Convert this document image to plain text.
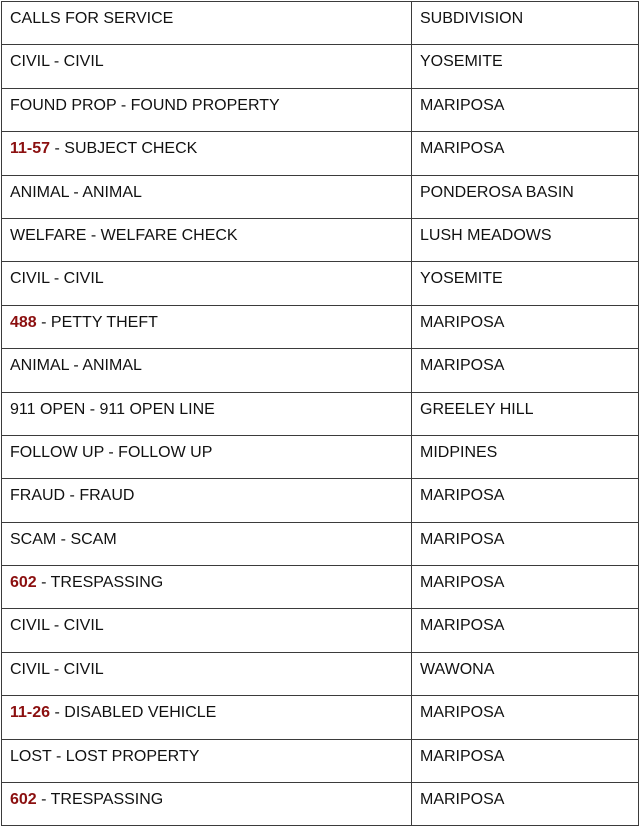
CALLS FOR SERVICE	SUBDIVISION
CIVIL - CIVIL	YOSEMITE
FOUND PROP - FOUND PROPERTY	MARIPOSA
11-57 - SUBJECT CHECK	MARIPOSA
ANIMAL - ANIMAL	PONDEROSA BASIN
WELFARE - WELFARE CHECK	LUSH MEADOWS
CIVIL - CIVIL	YOSEMITE
488 - PETTY THEFT	MARIPOSA
ANIMAL - ANIMAL	MARIPOSA
911 OPEN - 911 OPEN LINE	GREELEY HILL
FOLLOW UP - FOLLOW UP	MIDPINES
FRAUD - FRAUD	MARIPOSA
SCAM - SCAM	MARIPOSA
602 - TRESPASSING	MARIPOSA
CIVIL - CIVIL	MARIPOSA
CIVIL - CIVIL	WAWONA
11-26 - DISABLED VEHICLE	MARIPOSA
LOST - LOST PROPERTY	MARIPOSA
602 - TRESPASSING	MARIPOSA
